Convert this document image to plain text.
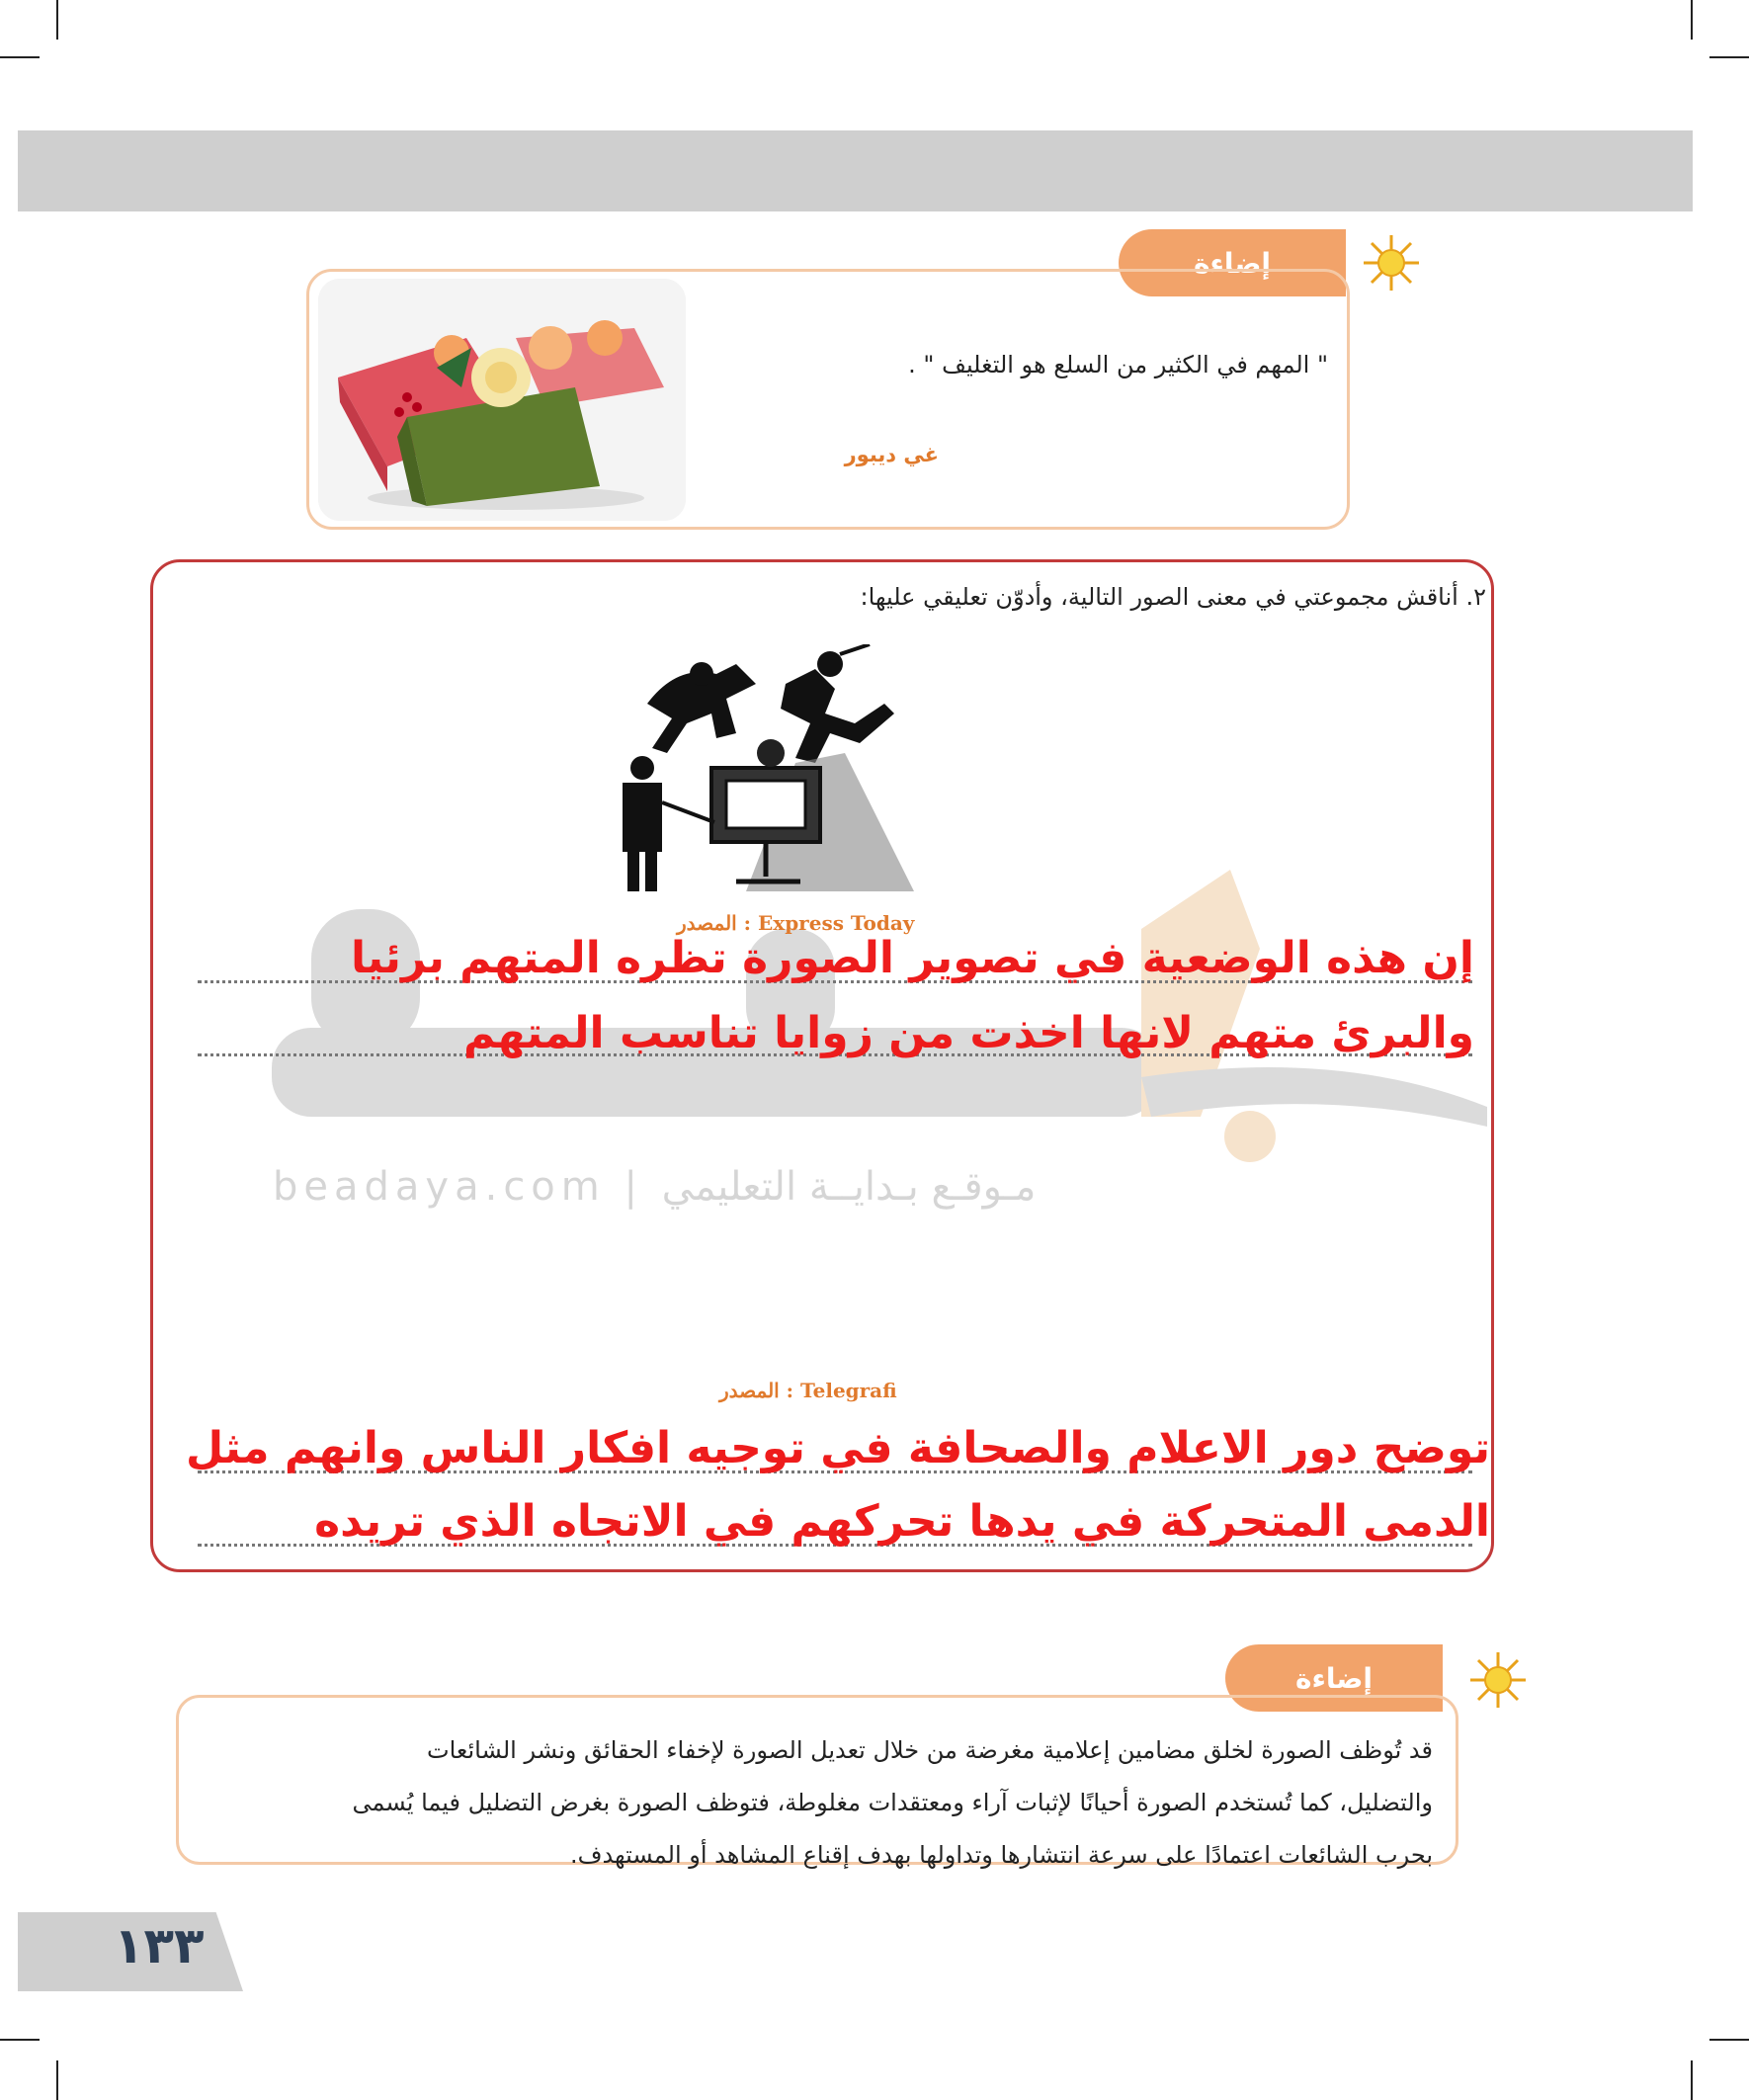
إضاءة
" المهم في الكثير من السلع هو التغليف " .
غي ديبور
٢. أناقش مجموعتي في معنى الصور التالية، وأدوّن تعليقي عليها:
beadaya.com | مـوقـع بـدايــة التعليمي
المصدر : Express Today
إن هذه الوضعية في تصوير الصورة تظره المتهم برئيا
والبرئ متهم لانها اخذت من زوايا تناسب المتهم
المصدر : Telegrafi
توضح دور الاعلام والصحافة في توجيه افكار الناس وانهم مثل
الدمى المتحركة في يدها تحركهم في الاتجاه الذي تريده
إضاءة
قد تُوظف الصورة لخلق مضامين إعلامية مغرضة من خلال تعديل الصورة لإخفاء الحقائق ونشر الشائعات
والتضليل، كما تُستخدم الصورة أحيانًا لإثبات آراء ومعتقدات مغلوطة، فتوظف الصورة بغرض التضليل فيما يُسمى
بحرب الشائعات اعتمادًا على سرعة انتشارها وتداولها بهدف إقناع المشاهد أو المستهدف.
١٣٣
